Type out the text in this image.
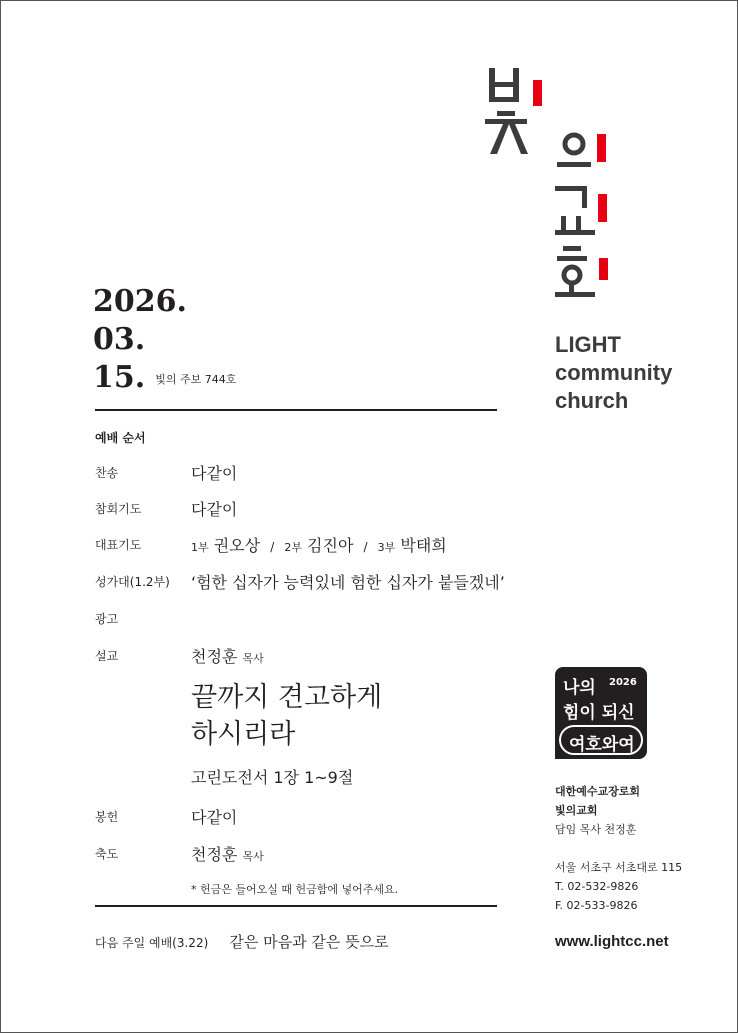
LIGHT
community
church
2026.
03.
15. 빛의 주보 744호
예배 순서
찬송	다같이
참회기도	다같이
대표기도	1부 권오상 / 2부 김진아 / 3부 박태희
성가대(1.2부) ‘험한 십자가 능력있네 험한 십자가 붙들겠네’
광고
설교	천정훈 목사
끝까지 견고하게
하시리라
고린도전서 1장 1~9절
봉헌	다같이
축도	천정훈 목사
* 헌금은 들어오실 때 헌금함에 넣어주세요.
다음 주일 예배(3.22) 같은 마음과 같은 뜻으로
나의 2026
힘이 되신
여호와여
대한예수교장로회
빛의교회
담임 목사 천정훈
서울 서초구 서초대로 115
T. 02-532-9826
F. 02-533-9826
www.lightcc.net
